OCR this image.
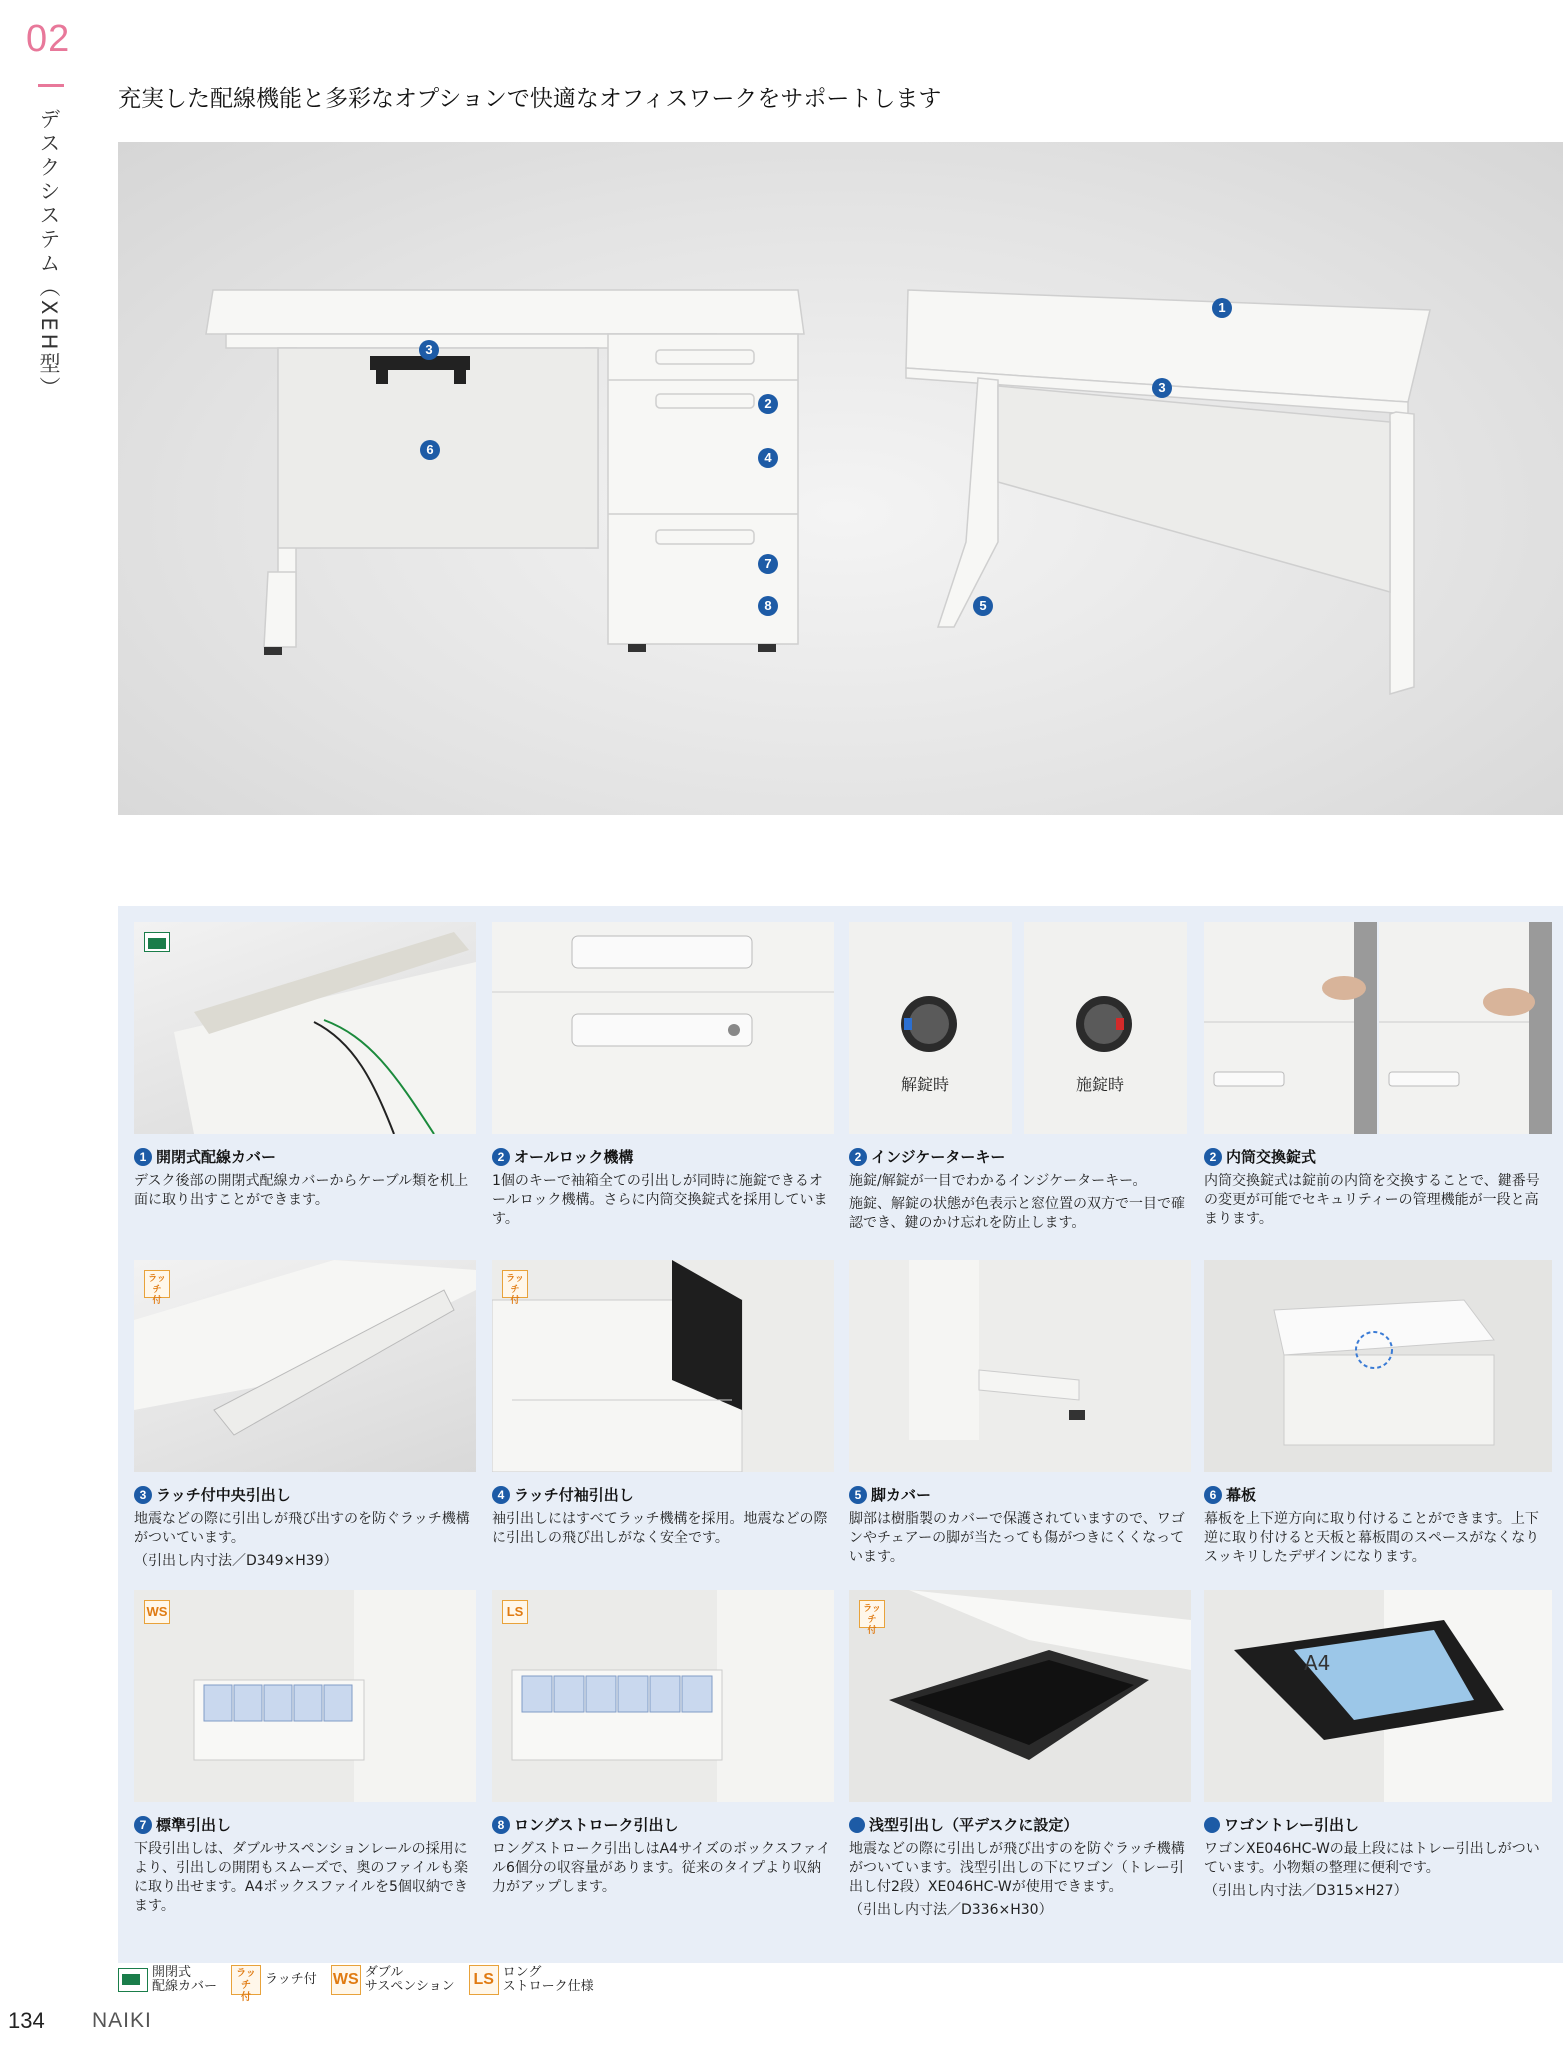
02
デスクシステム（XEH型）
充実した配線機能と多彩なオプションで快適なオフィスワークをサポートします
3
6
2
4
7
8
1
3
5
解錠時	施錠時
1 開閉式配線カバー

デスク後部の開閉式配線カバーからケーブル類を机上面に取り出すことができます。

2 オールロック機構

1個のキーで袖箱全ての引出しが同時に施錠できるオールロック機構。さらに内筒交換錠式を採用しています。

2 インジケーターキー

施錠/解錠が一目でわかるインジケーターキー。

施錠、解錠の状態が色表示と窓位置の双方で一目で確認でき、鍵のかけ忘れを防止します。

2 内筒交換錠式

内筒交換錠式は錠前の内筒を交換することで、鍵番号の変更が可能でセキュリティーの管理機能が一段と高まります。

ラッチ
付
ラッチ
付
3 ラッチ付中央引出し

地震などの際に引出しが飛び出すのを防ぐラッチ機構がついています。

（引出し内寸法／D349×H39）

4 ラッチ付袖引出し

袖引出しにはすべてラッチ機構を採用。地震などの際に引出しの飛び出しがなく安全です。

5 脚カバー

脚部は樹脂製のカバーで保護されていますので、ワゴンやチェアーの脚が当たっても傷がつきにくくなっています。

6 幕板

幕板を上下逆方向に取り付けることができます。上下逆に取り付けると天板と幕板間のスペースがなくなりスッキリしたデザインになります。

WS	LS	ラッチ
付
A4
7 標準引出し

下段引出しは、ダブルサスペンションレールの採用により、引出しの開閉もスムーズで、奥のファイルも楽に取り出せます。A4ボックスファイルを5個収納できます。

8 ロングストローク引出し

ロングストローク引出しはA4サイズのボックスファイル6個分の収容量があります。従来のタイプより収納力がアップします。

浅型引出し（平デスクに設定）

地震などの際に引出しが飛び出すのを防ぐラッチ機構がついています。浅型引出しの下にワゴン（トレー引出し付2段）XE046HC-Wが使用できます。

（引出し内寸法／D336×H30）

ワゴントレー引出し

ワゴンXE046HC-Wの最上段にはトレー引出しがついています。小物類の整理に便利です。

（引出し内寸法／D315×H27）

開閉式
配線カバー
ラッチ
付
ラッチ付 WS ダブル
サスペンション LS ロング
ストローク仕様
134 NAIKI
